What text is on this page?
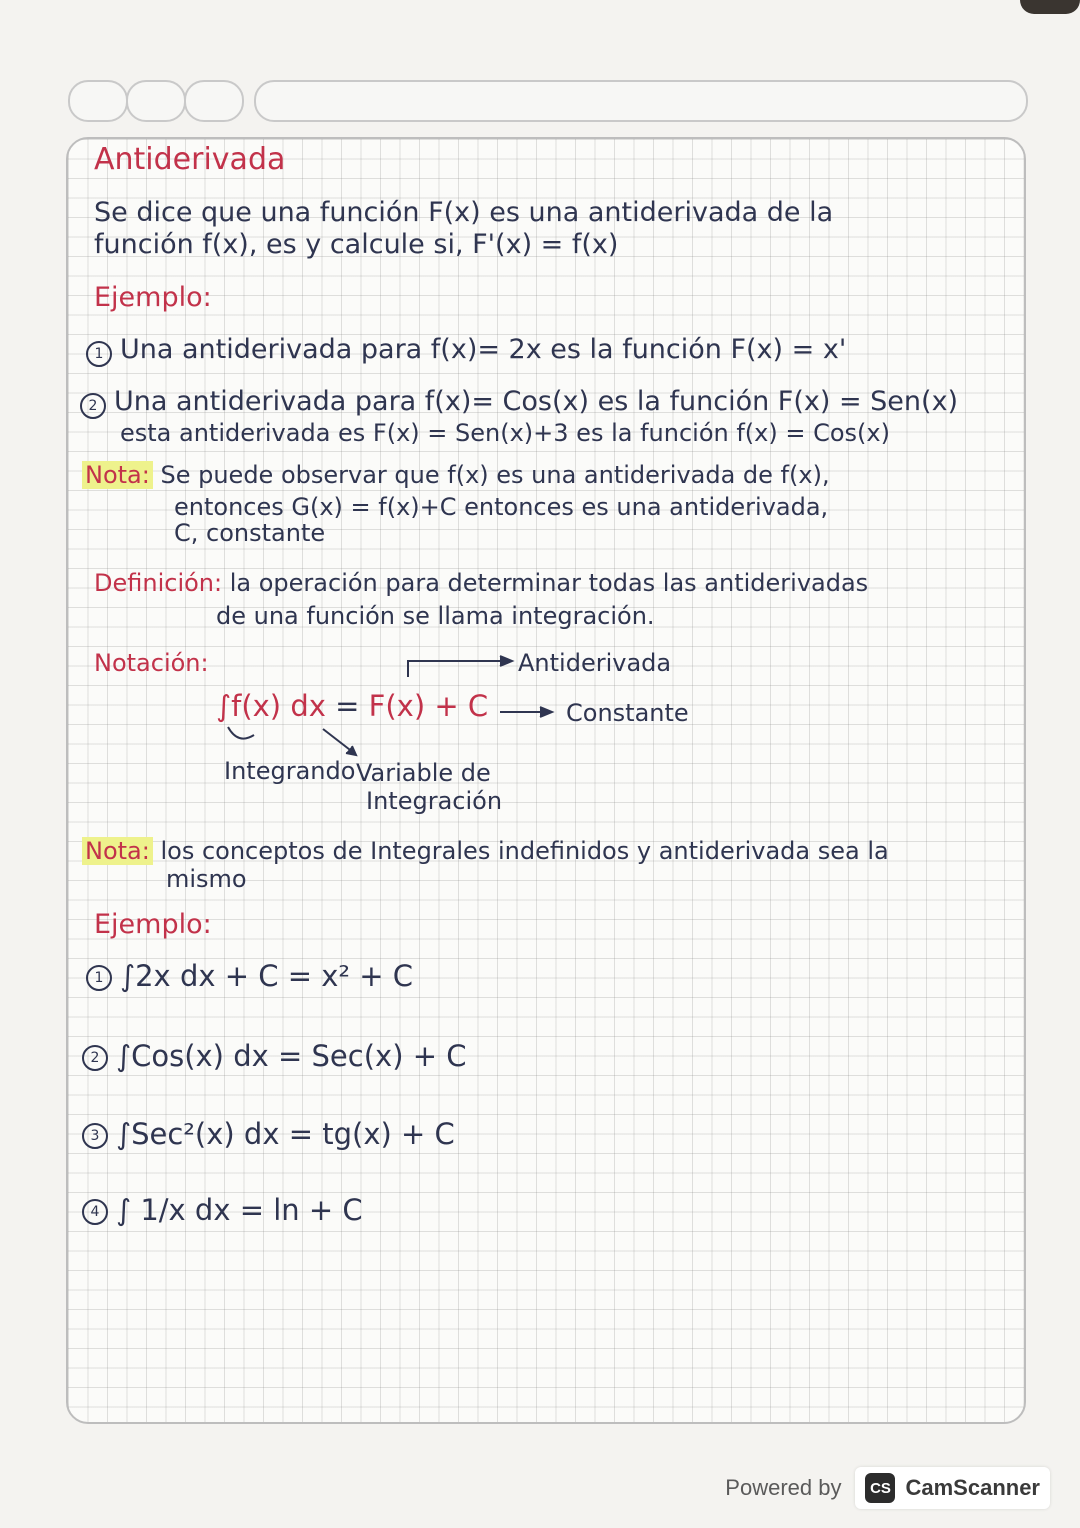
Antiderivada
Se dice que una función F(x) es una antiderivada de la
función f(x), es y calcule si, F'(x) = f(x)
Ejemplo:
1 Una antiderivada para f(x)= 2x es la función F(x) = x'
2 Una antiderivada para f(x)= Cos(x) es la función F(x) = Sen(x)
esta antiderivada es F(x) = Sen(x)+3 es la función f(x) = Cos(x)
Nota: Se puede observar que f(x) es una antiderivada de f(x),
entonces G(x) = f(x)+C entonces es una antiderivada,
C, constante
Definición: la operación para determinar todas las antiderivadas
de una función se llama integración.
Notación:	Antiderivada
∫f(x) dx = F(x) + C	Constante
Integrando Variable de
Integración
Nota: los conceptos de Integrales indefinidos y antiderivada sea la
mismo
Ejemplo:
1 ∫2x dx + C = x² + C
2 ∫Cos(x) dx = Sec(x) + C
3 ∫Sec²(x) dx = tg(x) + C
4 ∫ 1/x dx = ln + C
Powered by	CS CamScanner
